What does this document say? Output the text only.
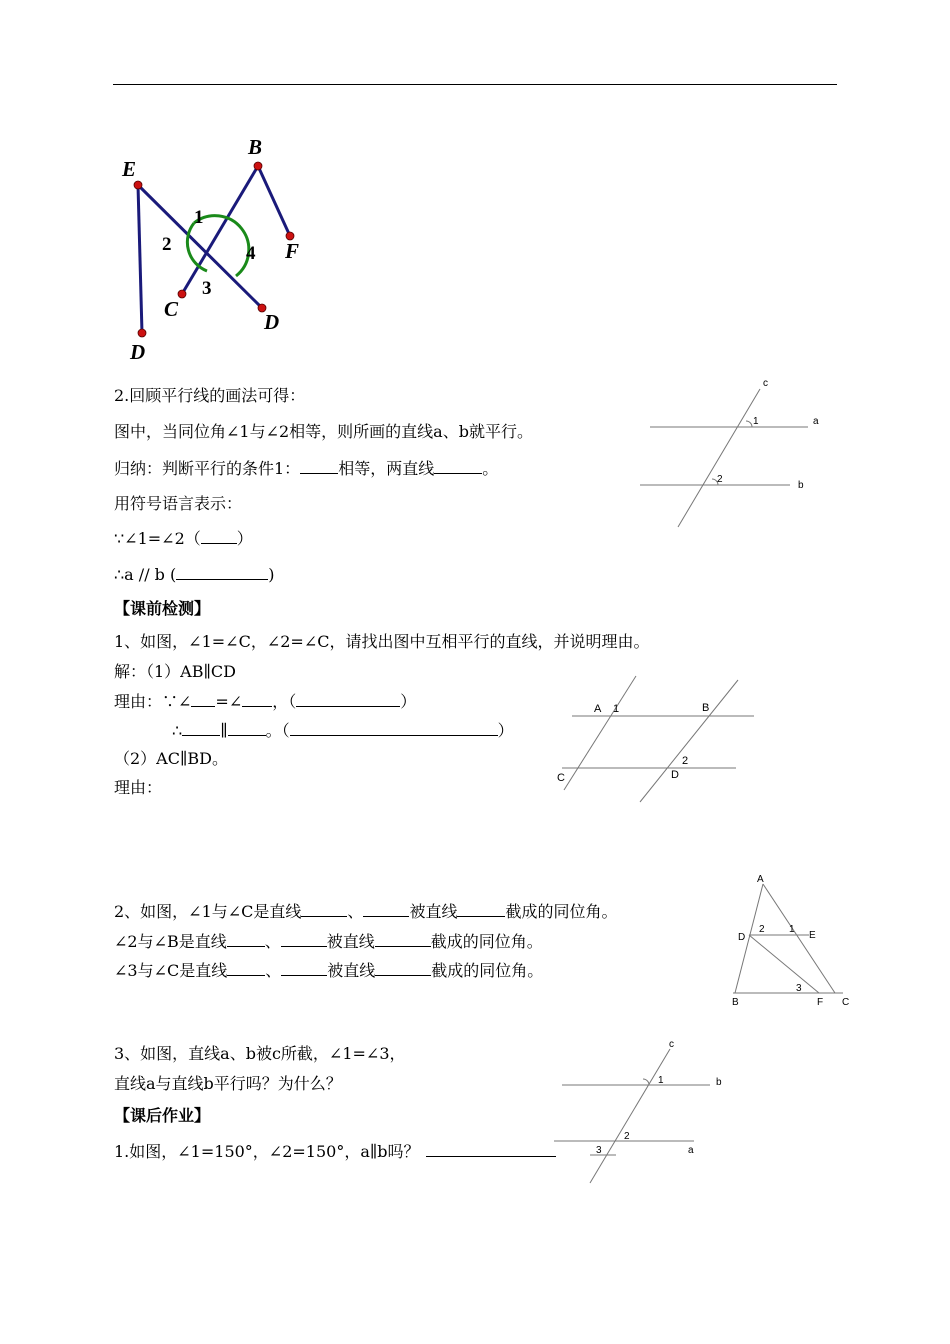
E
B
F
C
D
D
1
2
3
4
2.回顾平行线的画法可得：
图中，当同位角∠1与∠2相等，则所画的直线a、b就平行。
归纳：判断平行的条件1： 相等，两直线	。
用符号语言表示：
∵∠1=∠2（ ）
∴a // b (	)
c
a
b
1
2
【课前检测】
1、如图，∠1=∠C，∠2=∠C，请找出图中互相平行的直线，并说明理由。
解：（1）AB∥CD
理由：∵∠ =∠ ，（	）
∴ ∥ 。（	）
（2）AC∥BD。
理由：
A 1	B
C	D
2
2、如图，∠1与∠C是直线	、	被直线	截成的同位角。
∠2与∠B是直线 、	被直线	截成的同位角。
∠3与∠C是直线 、	被直线	截成的同位角。
A
D
2 1
E
3
B	F C
3、如图，直线a、b被c所截，∠1=∠3，
直线a与直线b平行吗？为什么？
【课后作业】
1.如图，∠1=150°，∠2=150°，a∥b吗？
c
b
a
1
2
3
